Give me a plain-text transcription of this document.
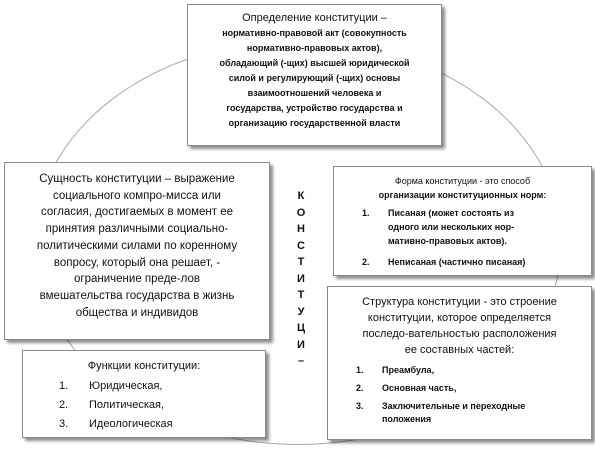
Определение конституции –
нормативно-правовой акт (совокупность
нормативно-правовых актов),
обладающий (-щих) высшей юридической
силой и регулирующий (-щих) основы
взаимоотношений человека и
государства, устройство государства и
организацию государственной власти
Сущность конституции – выражение
социального компро-мисса или
согласия, достигаемых в момент ее
принятия различными социально-
политическими силами по коренному
вопросу, который она решает, -
ограничение преде-лов
вмешательства государства в жизнь
общества и индивидов
К
О
Н
С
Т
И
Т
У
Ц
И
–
Форма конституции - это способ
организации конституционных норм:
1. Писаная (может состоять из
одного или нескольких нор-
мативно-правовых актов).
2. Неписаная (частично писаная)
Структура конституции - это строение
конституции, которое определяется
последо-вательностью расположения
ее составных частей:
1. Преамбула,
2. Основная часть,
3. Заключительные и переходные
положения
Функции конституции:
1. Юридическая,
2. Политическая,
3. Идеологическая
